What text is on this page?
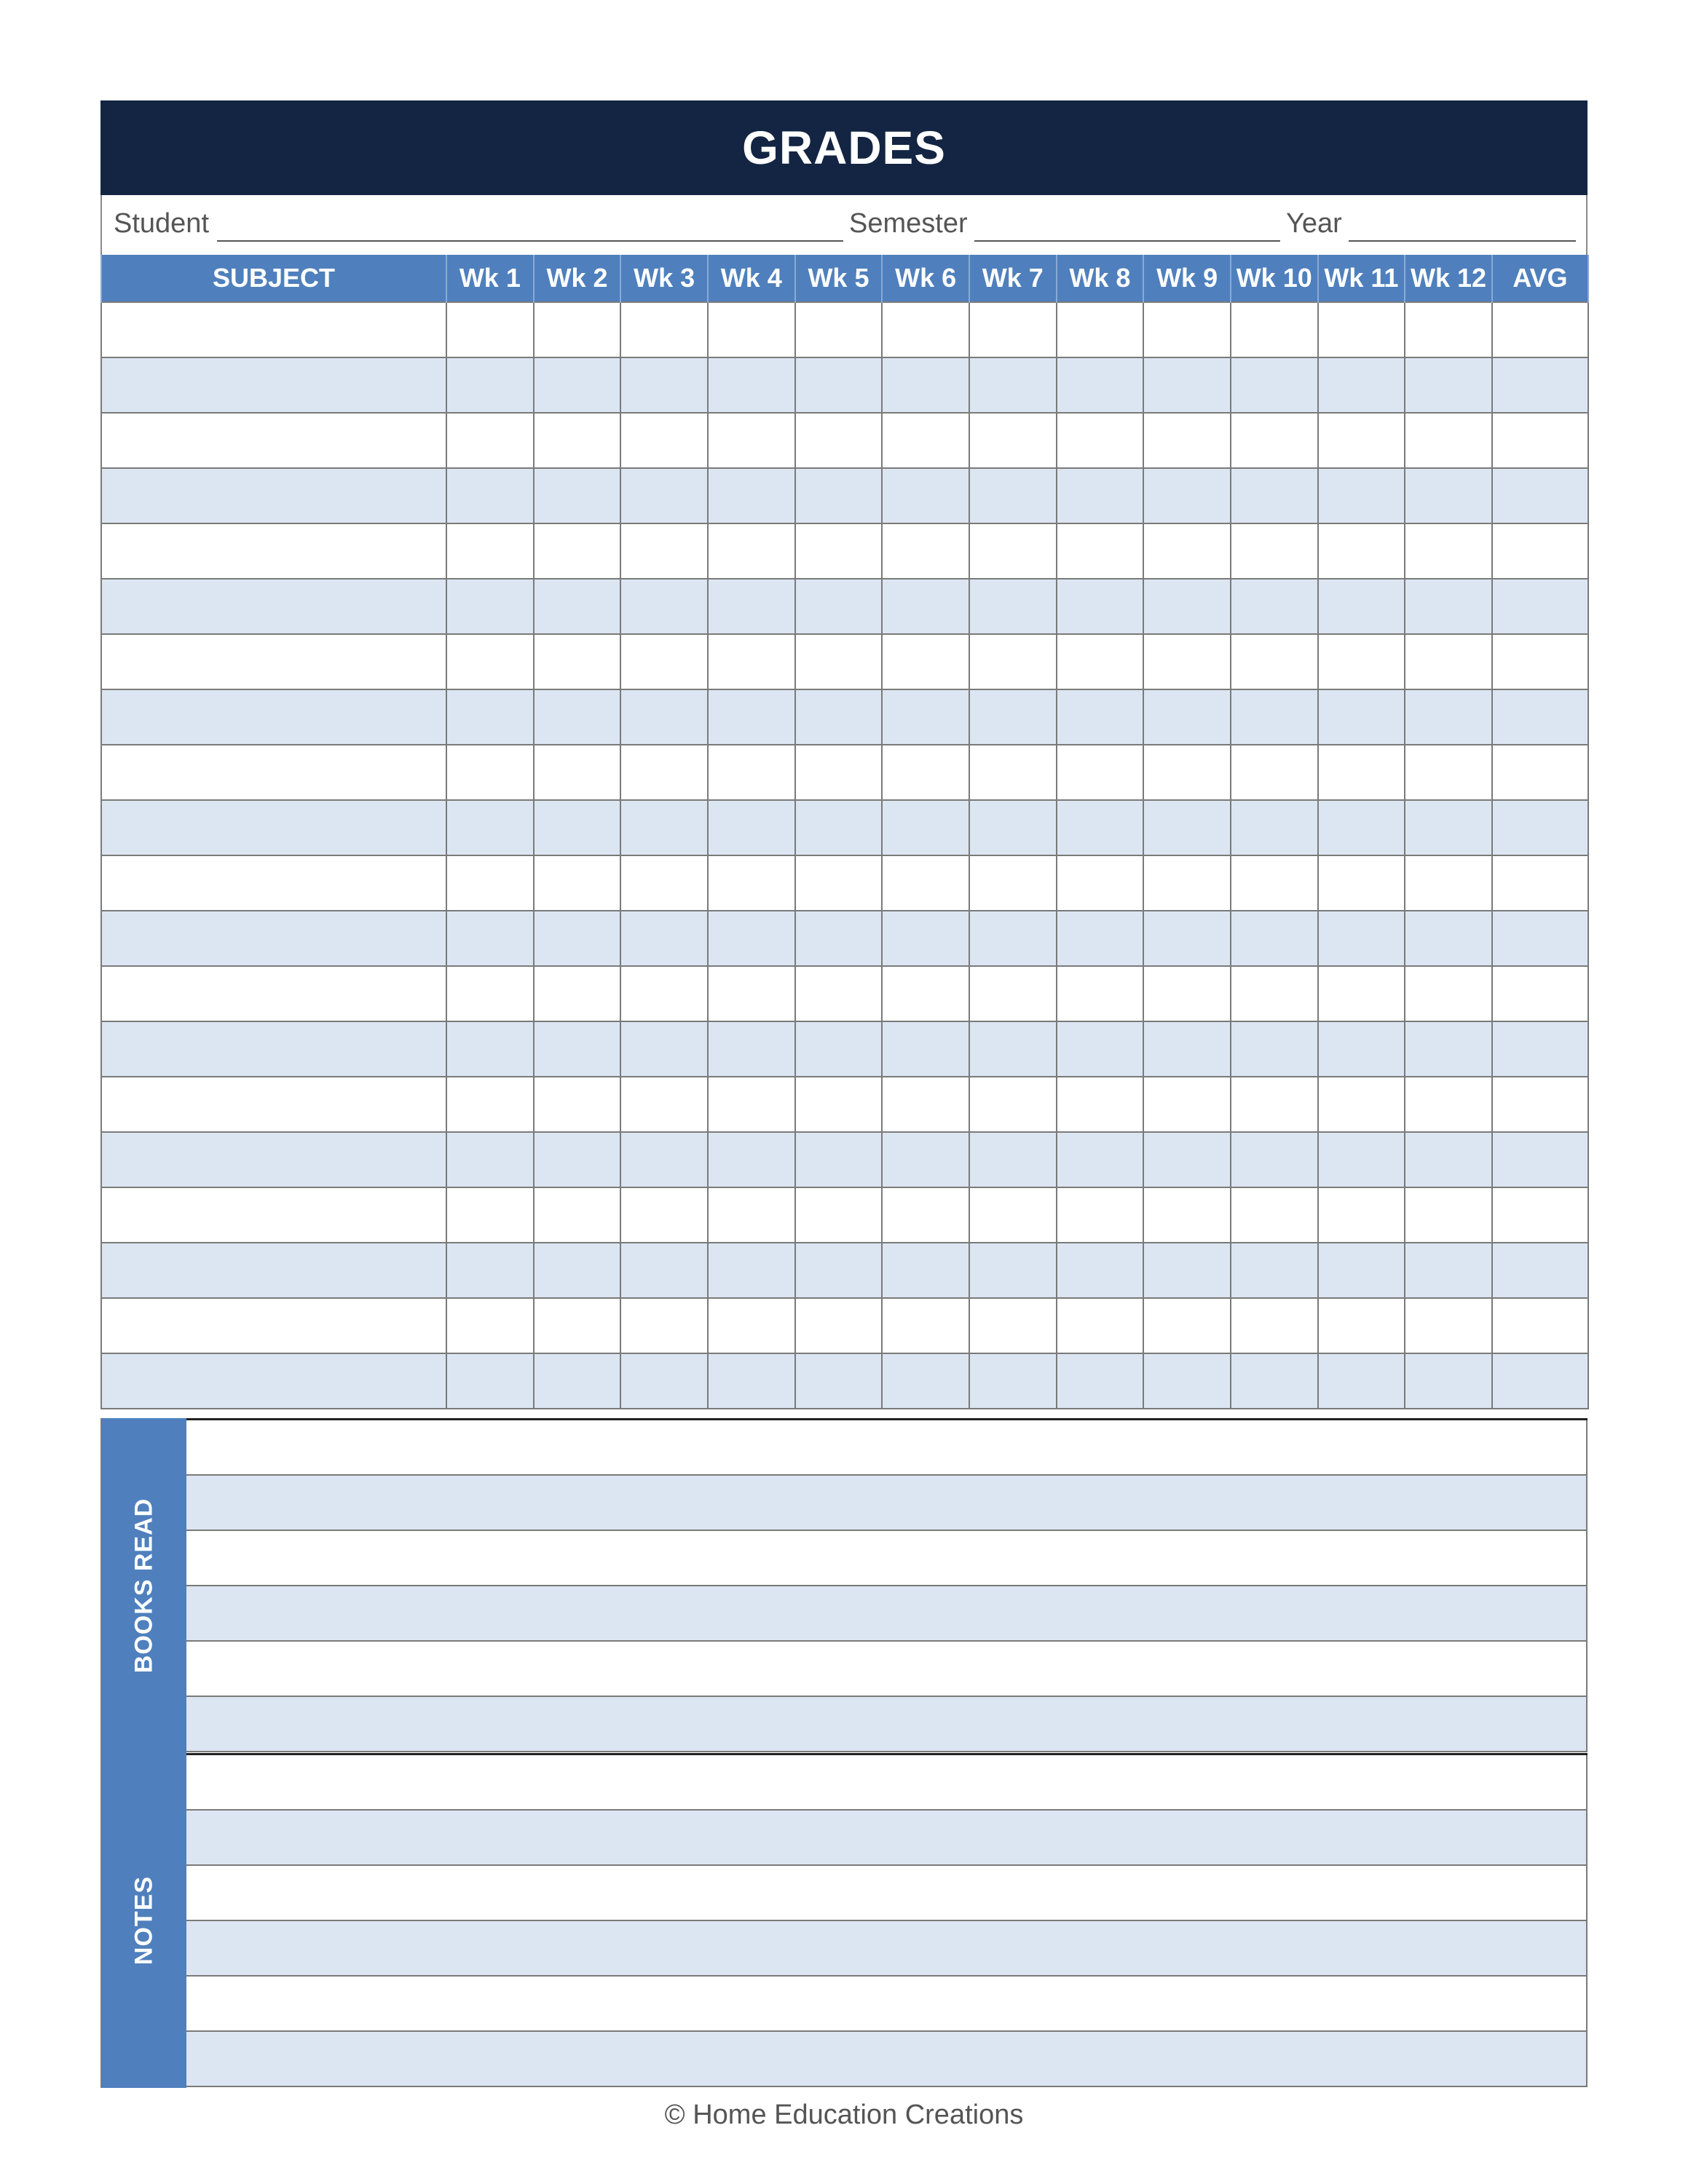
GRADES
Student	Semester	Year
SUBJECT	Wk 1	Wk 2	Wk 3	Wk 4	Wk 5	Wk 6	Wk 7	Wk 8	Wk 9	Wk 10	Wk 11	Wk 12	AVG

BOOKS READ
NOTES
© Home Education Creations
